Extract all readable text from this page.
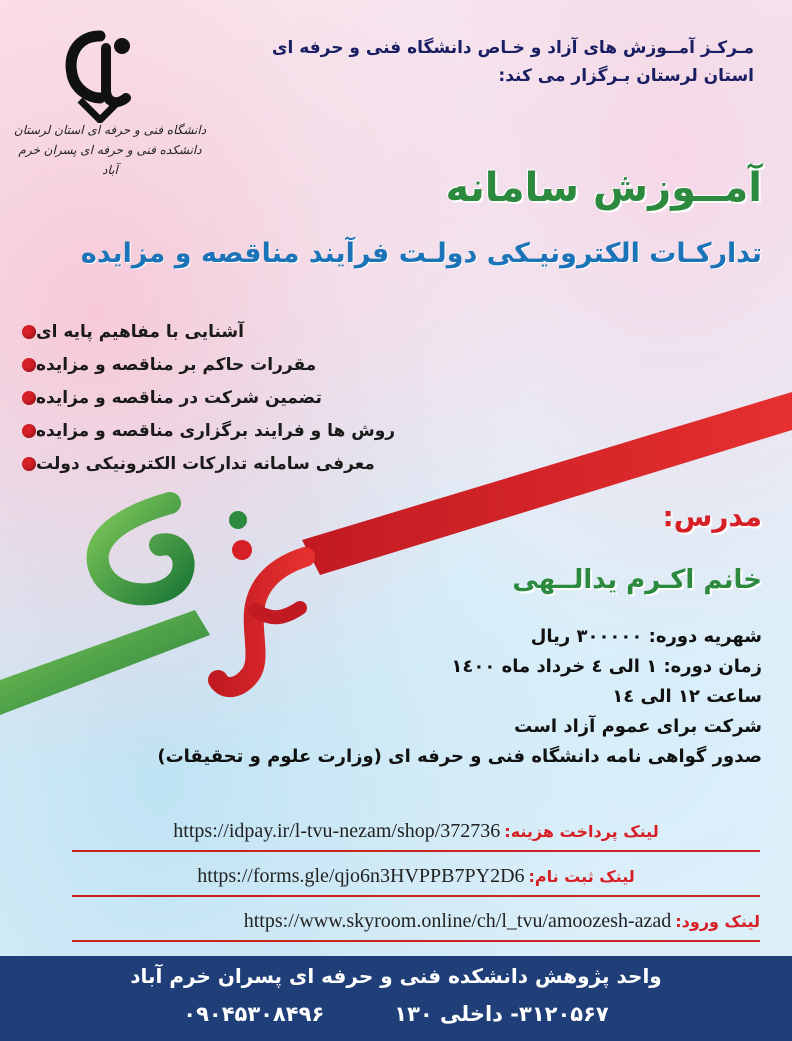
دانشگاه فنی و حرفه ای استان لرستان
دانشکده فنی و حرفه ای پسران خرم آباد
مـرکـز آمــوزش های آزاد و خـاص دانشگاه فنی و حرفه ای
استان لرستان بـرگزار می کند:
آمــوزش سامانه
تدارکـات الکترونیـکی دولـت فرآیند مناقصه و مزایده
آشنایی با مفاهیم پایه ای
مقررات حاکم بر مناقصه و مزایده
تضمین شرکت در مناقصه و مزایده
روش ها و فرایند برگزاری مناقصه و مزایده
معرفی سامانه تدارکات الکترونیکی دولت
مدرس:
خانم اکـرم یدالــهی
شهریه دوره: ۳۰۰۰۰۰ ریال
زمان دوره: ۱ الی ٤ خرداد ماه ۱٤۰۰
ساعت ۱۲ الی ۱٤
شرکت برای عموم آزاد است
صدور گواهی نامه دانشگاه فنی و حرفه ای (وزارت علوم و تحقیقات)
لینک پرداخت هزینه:
https://idpay.ir/l-tvu-nezam/shop/372736
لینک ثبت نام:
https://forms.gle/qjo6n3HVPPB7PY2D6
لینک ورود:
https://www.skyroom.online/ch/l_tvu/amoozesh-azad
واحد پژوهش دانشکده فنی و حرفه ای پسران خرم آباد
۳۱۲۰۵۶۷- داخلی ۱۳۰
۰۹۰۴۵۳۰۸۴۹۶
